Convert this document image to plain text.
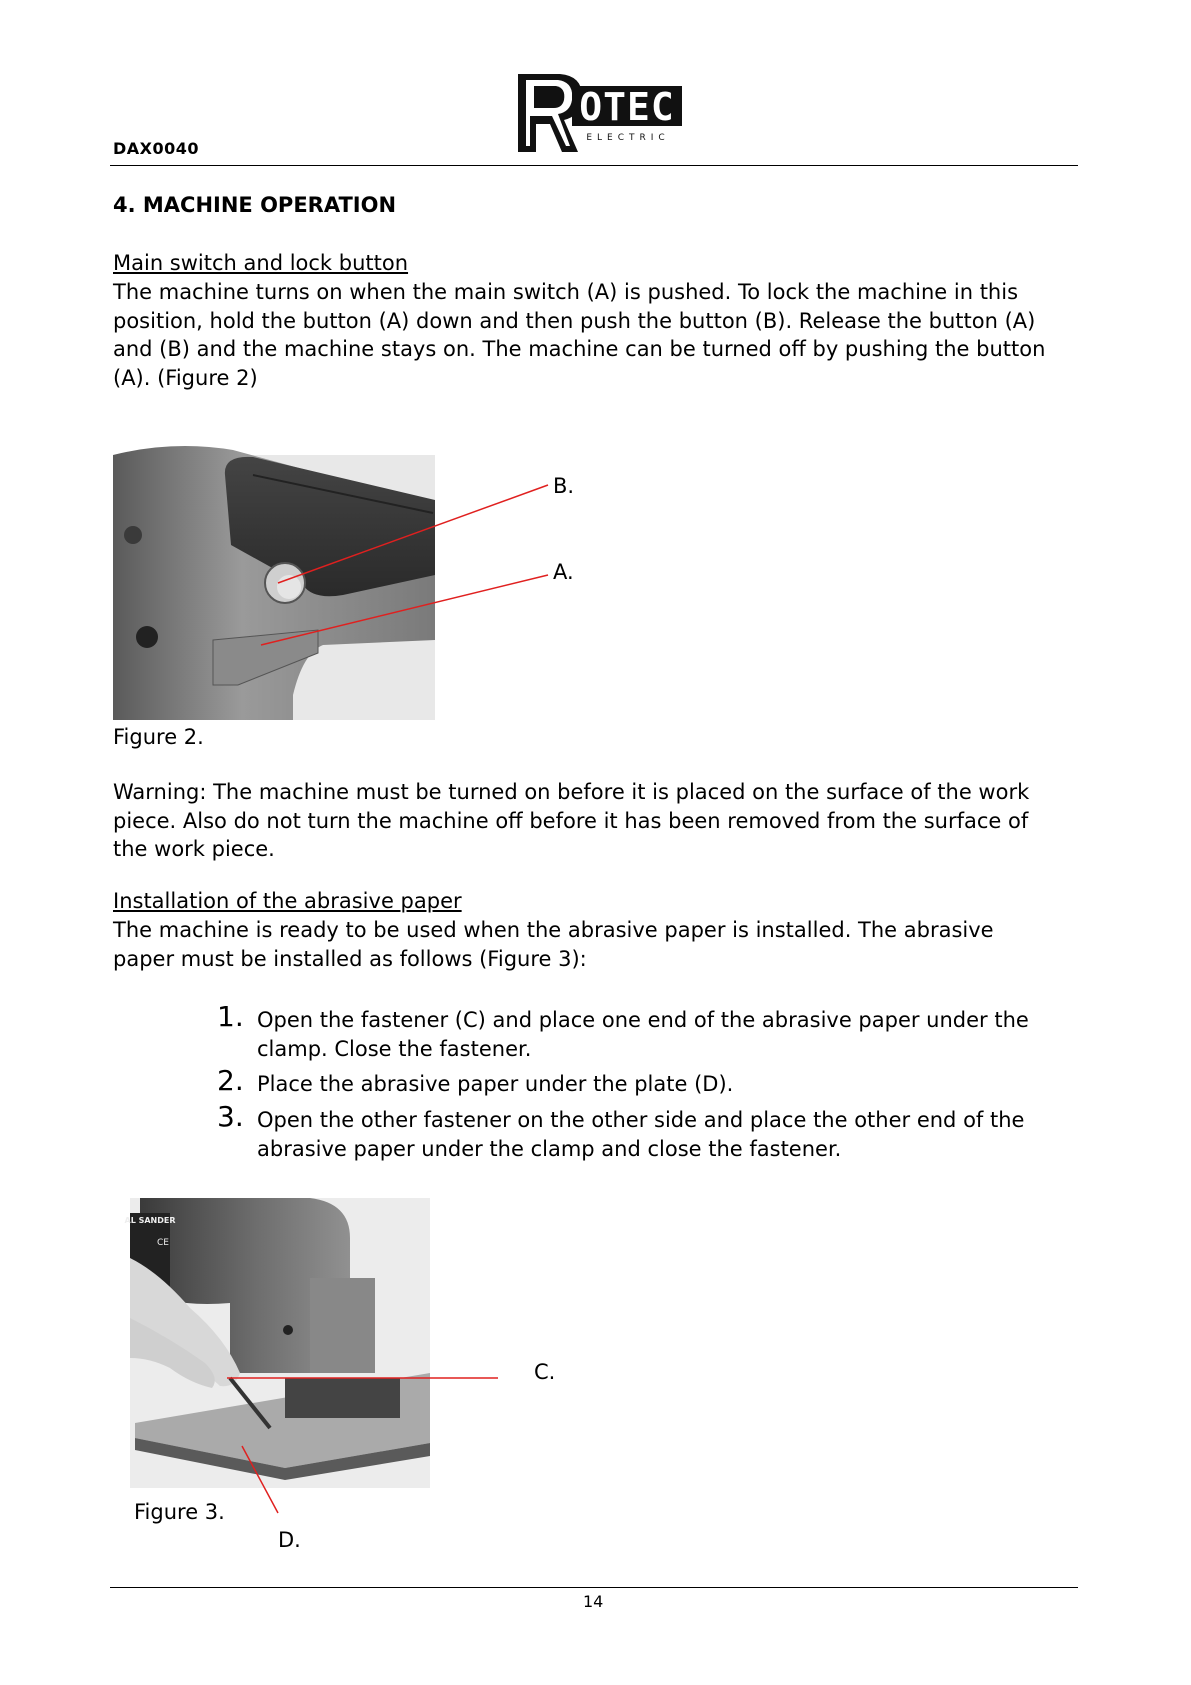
DAX0040
OTEC
ELECTRIC
4. MACHINE OPERATION
Main switch and lock button
The machine turns on when the main switch (A) is pushed. To lock the machine in this
position, hold the button (A) down and then push the button (B). Release the button (A)
and (B) and the machine stays on. The machine can be turned off by pushing the button
(A). (Figure 2)
B.
A.
Figure 2.
Warning: The machine must be turned on before it is placed on the surface of the work
piece. Also do not turn the machine off before it has been removed from the surface of
the work piece.
Installation of the abrasive paper
The machine is ready to be used when the abrasive paper is installed. The abrasive
paper must be installed as follows (Figure 3):
1. Open the fastener (C) and place one end of the abrasive paper under the
clamp. Close the fastener.
2. Place the abrasive paper under the plate (D).
3. Open the other fastener on the other side and place the other end of the
abrasive paper under the clamp and close the fastener.
AL SANDER
CE
C.
Figure 3.
D.
14
